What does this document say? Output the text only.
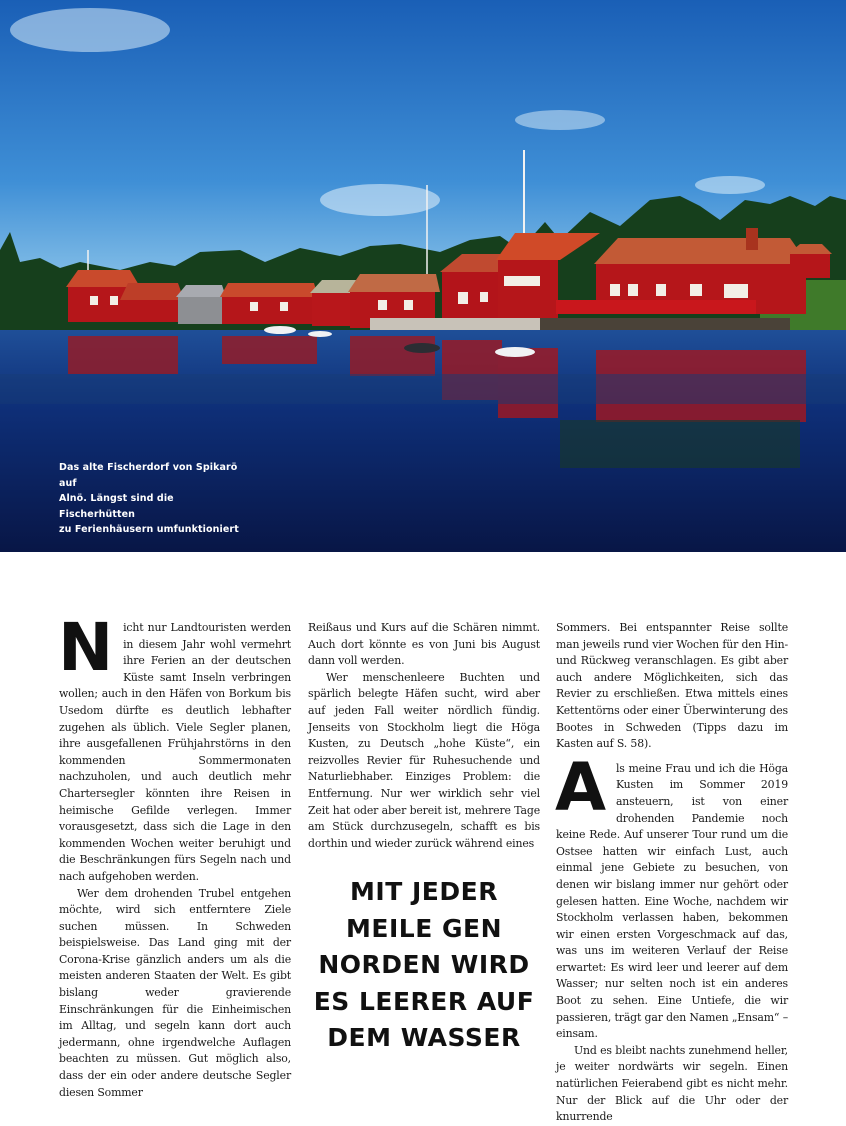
Das alte Fischerdorf von Spikarö auf
Alnö. Längst sind die Fischerhütten
zu Ferienhäusern umfunktioniert
N icht nur Landtouristen werden in diesem Jahr wohl vermehrt ihre Ferien an der deutschen Küste samt Inseln verbringen wollen; auch in den Häfen von Borkum bis Usedom dürfte es deutlich lebhafter zugehen als üblich. Viele Segler planen, ihre ausgefallenen Frühjahrstörns in den kommenden Sommermonaten nachzuholen, und auch deutlich mehr Chartersegler könnten ihre Reisen in heimische Gefilde verlegen. Immer vorausgesetzt, dass sich die Lage in den kommenden Wochen weiter beruhigt und die Beschränkungen fürs Segeln nach und nach aufgehoben werden.

Wer dem drohenden Trubel entgehen möchte, wird sich entferntere Ziele suchen müssen. In Schweden beispielsweise. Das Land ging mit der Corona-Krise gänzlich anders um als die meisten anderen Staaten der Welt. Es gibt bislang weder gravierende Einschränkungen für die Einheimischen im Alltag, und segeln kann dort auch jedermann, ohne irgendwelche Auflagen beachten zu müssen. Gut möglich also, dass der ein oder andere deutsche Segler diesen Sommer

Reißaus und Kurs auf die Schären nimmt. Auch dort könnte es von Juni bis August dann voll werden.

Wer menschenleere Buchten und spärlich belegte Häfen sucht, wird aber auf jeden Fall weiter nördlich fündig. Jenseits von Stockholm liegt die Höga Kusten, zu Deutsch „hohe Küste“, ein reizvolles Revier für Ruhesuchende und Naturliebhaber. Einziges Problem: die Entfernung. Nur wer wirklich sehr viel Zeit hat oder aber bereit ist, mehrere Tage am Stück durchzusegeln, schafft es bis dorthin und wieder zurück während eines

MIT JEDER
MEILE GEN
NORDEN WIRD
ES LEERER AUF
DEM WASSER

Sommers. Bei entspannter Reise sollte man jeweils rund vier Wochen für den Hin- und Rückweg veranschlagen. Es gibt aber auch andere Möglichkeiten, sich das Revier zu erschließen. Etwa mittels eines Kettentörns oder einer Überwinterung des Bootes in Schweden (Tipps dazu im Kasten auf S. 58).

A ls meine Frau und ich die Höga Kusten im Sommer 2019 ansteuern, ist von einer drohenden Pandemie noch keine Rede. Auf unserer Tour rund um die Ostsee hatten wir einfach Lust, auch einmal jene Gebiete zu besuchen, von denen wir bislang immer nur gehört oder gelesen hatten. Eine Woche, nachdem wir Stockholm verlassen haben, bekommen wir einen ersten Vorgeschmack auf das, was uns im weiteren Verlauf der Reise erwartet: Es wird leer und leerer auf dem Wasser; nur selten noch ist ein anderes Boot zu sehen. Eine Untiefe, die wir passieren, trägt gar den Namen „Ensam“ – einsam.

Und es bleibt nachts zunehmend heller, je weiter nordwärts wir segeln. Einen natürlichen Feierabend gibt es nicht mehr. Nur der Blick auf die Uhr oder der knurrende
